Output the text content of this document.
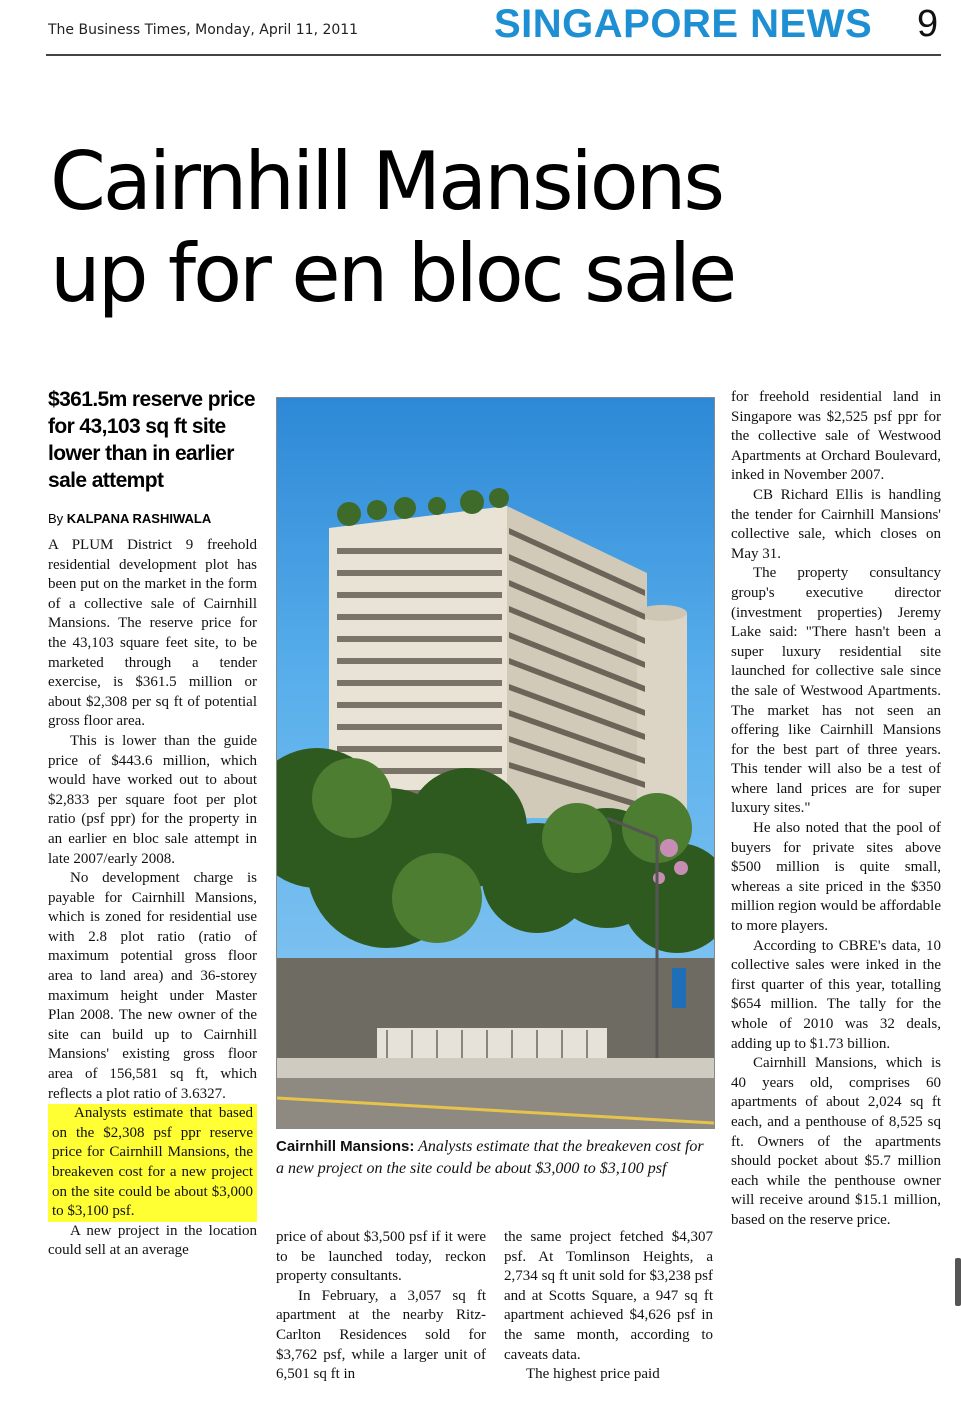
The Business Times, Monday, April 11, 2011	SINGAPORE NEWS 9
Cairnhill Mansions
up for en bloc sale
$361.5m reserve price for 43,103 sq ft site lower than in earlier sale attempt
By KALPANA RASHIWALA

A PLUM District 9 freehold residential development plot has been put on the market in the form of a collective sale of Cairnhill Mansions. The reserve price for the 43,103 square feet site, to be marketed through a tender exercise, is $361.5 million or about $2,308 per sq ft of potential gross floor area.

This is lower than the guide price of $443.6 million, which would have worked out to about $2,833 per square foot per plot ratio (psf ppr) for the property in an earlier en bloc sale attempt in late 2007/early 2008.

No development charge is payable for Cairnhill Mansions, which is zoned for residential use with 2.8 plot ratio (ratio of maximum potential gross floor area to land area) and 36-storey maximum height under Master Plan 2008. The new owner of the site can build up to Cairnhill Mansions' existing gross floor area of 156,581 sq ft, which reflects a plot ratio of 3.6327.

Analysts estimate that based on the $2,308 psf ppr reserve price for Cairnhill Mansions, the breakeven cost for a new project on the site could be about $3,000 to $3,100 psf.

A new project in the location could sell at an average

Cairnhill Mansions: Analysts estimate that the breakeven cost for a new project on the site could be about $3,000 to $3,100 psf

price of about $3,500 psf if it were to be launched today, reckon property consultants.

In February, a 3,057 sq ft apartment at the nearby Ritz-Carlton Residences sold for $3,762 psf, while a larger unit of 6,501 sq ft in

the same project fetched $4,307 psf. At Tomlinson Heights, a 2,734 sq ft unit sold for $3,238 psf and at Scotts Square, a 947 sq ft apartment achieved $4,626 psf in the same month, according to caveats data.

The highest price paid

for freehold residential land in Singapore was $2,525 psf ppr for the collective sale of Westwood Apartments at Orchard Boulevard, inked in November 2007.

CB Richard Ellis is handling the tender for Cairnhill Mansions' collective sale, which closes on May 31.

The property consultancy group's executive director (investment properties) Jeremy Lake said: "There hasn't been a super luxury residential site launched for collective sale since the sale of Westwood Apartments. The market has not seen an offering like Cairnhill Mansions for the best part of three years. This tender will also be a test of where land prices are for super luxury sites."

He also noted that the pool of buyers for private sites above $500 million is quite small, whereas a site priced in the $350 million region would be affordable to more players.

According to CBRE's data, 10 collective sales were inked in the first quarter of this year, totalling $654 million. The tally for the whole of 2010 was 32 deals, adding up to $1.73 billion.

Cairnhill Mansions, which is 40 years old, comprises 60 apartments of about 2,024 sq ft each, and a penthouse of 8,525 sq ft. Owners of the apartments should pocket about $5.7 million each while the penthouse owner will receive around $15.1 million, based on the reserve price.
